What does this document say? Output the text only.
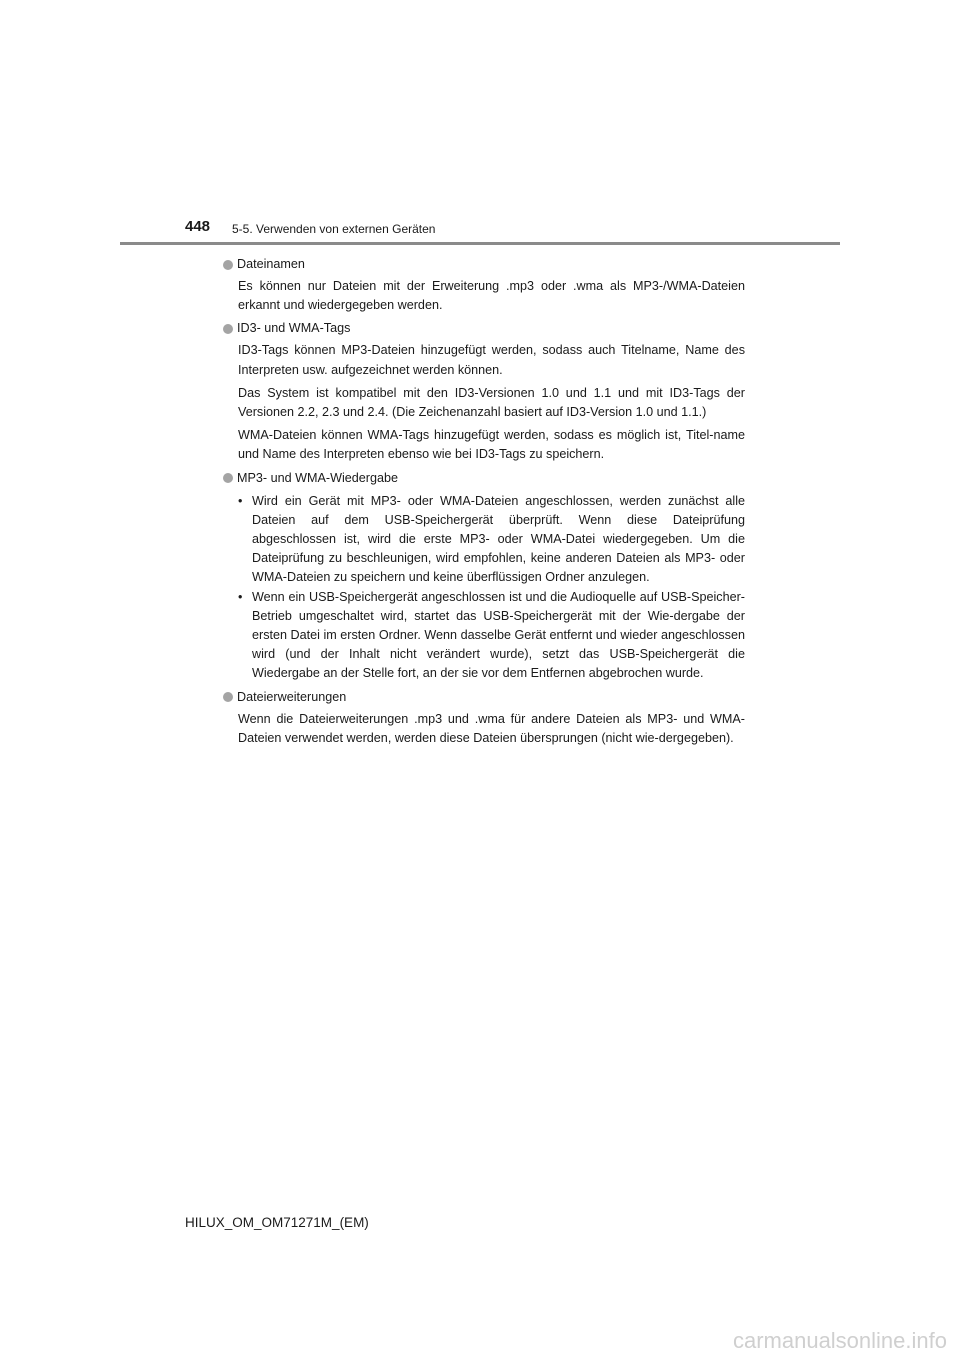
448 5-5. Verwenden von externen Geräten
Dateinamen

Es können nur Dateien mit der Erweiterung .mp3 oder .wma als MP3-/WMA-Dateien erkannt und wiedergegeben werden.

ID3- und WMA-Tags

ID3-Tags können MP3-Dateien hinzugefügt werden, sodass auch Titelname, Name des Interpreten usw. aufgezeichnet werden können.

Das System ist kompatibel mit den ID3-Versionen 1.0 und 1.1 und mit ID3-Tags der Versionen 2.2, 2.3 und 2.4. (Die Zeichenanzahl basiert auf ID3-Version 1.0 und 1.1.)

WMA-Dateien können WMA-Tags hinzugefügt werden, sodass es möglich ist, Titel-name und Name des Interpreten ebenso wie bei ID3-Tags zu speichern.

MP3- und WMA-Wiedergabe
• Wird ein Gerät mit MP3- oder WMA-Dateien angeschlossen, werden zunächst alle Dateien auf dem USB-Speichergerät überprüft. Wenn diese Dateiprüfung abgeschlossen ist, wird die erste MP3- oder WMA-Datei wiedergegeben. Um die Dateiprüfung zu beschleunigen, wird empfohlen, keine anderen Dateien als MP3- oder WMA-Dateien zu speichern und keine überflüssigen Ordner anzulegen.
• Wenn ein USB-Speichergerät angeschlossen ist und die Audioquelle auf USB-Speicher-Betrieb umgeschaltet wird, startet das USB-Speichergerät mit der Wie-dergabe der ersten Datei im ersten Ordner. Wenn dasselbe Gerät entfernt und wieder angeschlossen wird (und der Inhalt nicht verändert wurde), setzt das USB-Speichergerät die Wiedergabe an der Stelle fort, an der sie vor dem Entfernen abgebrochen wurde.
Dateierweiterungen

Wenn die Dateierweiterungen .mp3 und .wma für andere Dateien als MP3- und WMA-Dateien verwendet werden, werden diese Dateien übersprungen (nicht wie-dergegeben).

HILUX_OM_OM71271M_(EM)
carmanualsonline.info
